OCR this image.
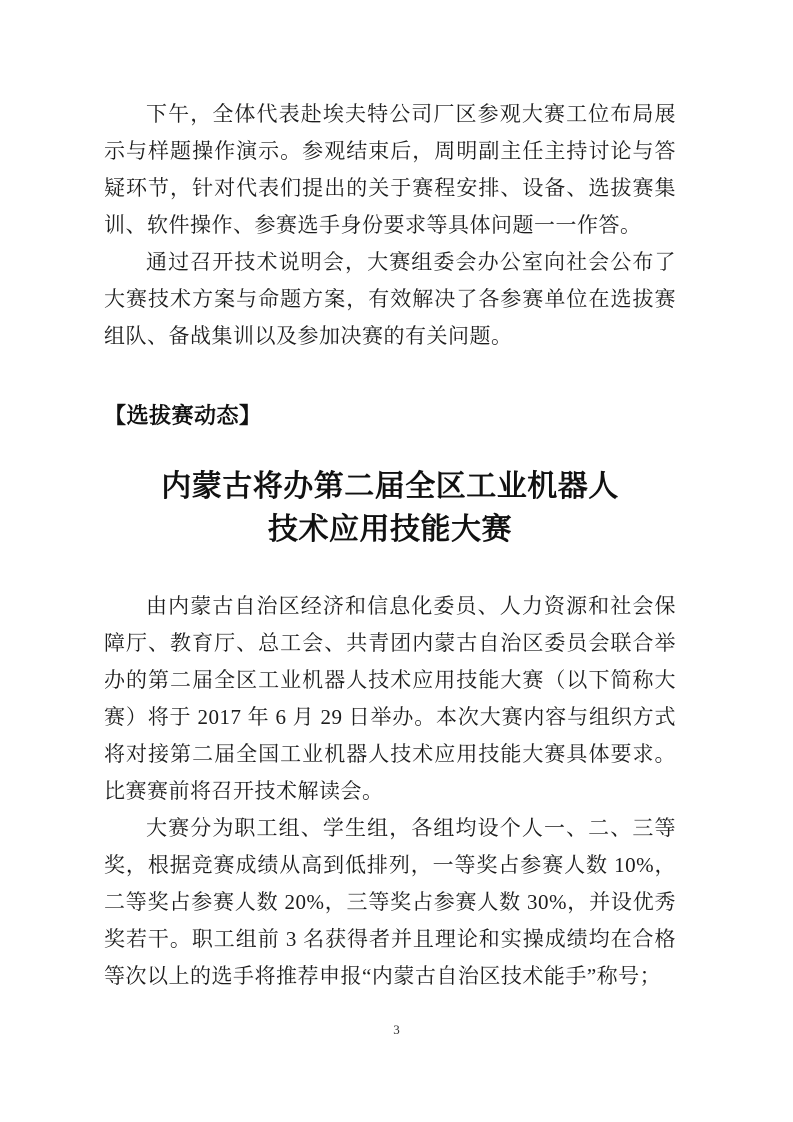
下午，全体代表赴埃夫特公司厂区参观大赛工位布局展示与样题操作演示。参观结束后，周明副主任主持讨论与答疑环节，针对代表们提出的关于赛程安排、设备、选拔赛集训、软件操作、参赛选手身份要求等具体问题一一作答。

通过召开技术说明会，大赛组委会办公室向社会公布了大赛技术方案与命题方案，有效解决了各参赛单位在选拔赛组队、备战集训以及参加决赛的有关问题。

【选拔赛动态】
内蒙古将办第二届全区工业机器人
技术应用技能大赛

由内蒙古自治区经济和信息化委员、人力资源和社会保障厅、教育厅、总工会、共青团内蒙古自治区委员会联合举办的第二届全区工业机器人技术应用技能大赛（以下简称大赛）将于 2017 年 6 月 29 日举办。本次大赛内容与组织方式将对接第二届全国工业机器人技术应用技能大赛具体要求。比赛赛前将召开技术解读会。

大赛分为职工组、学生组，各组均设个人一、二、三等奖，根据竞赛成绩从高到低排列，一等奖占参赛人数 10%，二等奖占参赛人数 20%，三等奖占参赛人数 30%，并设优秀奖若干。职工组前 3 名获得者并且理论和实操成绩均在合格等次以上的选手将推荐申报“内蒙古自治区技术能手”称号；

3
